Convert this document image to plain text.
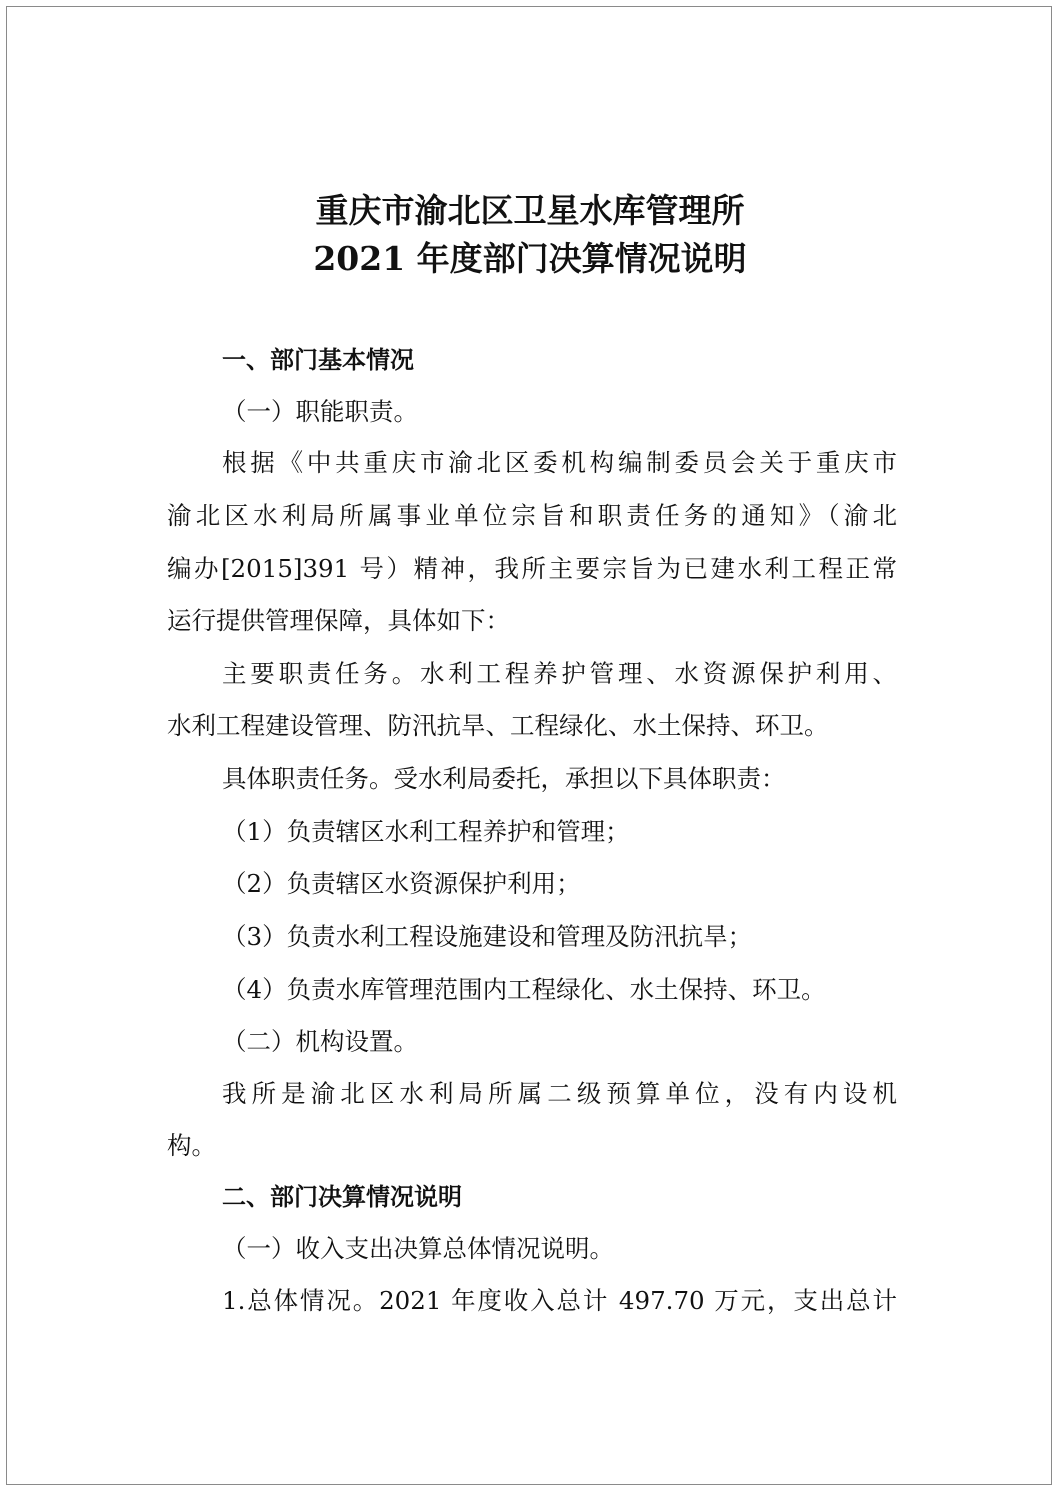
重庆市渝北区卫星水库管理所
2021 年度部门决算情况说明
一、部门基本情况
（一）职能职责。
根据《中共重庆市渝北区委机构编制委员会关于重庆市
渝北区水利局所属事业单位宗旨和职责任务的通知》（渝北
编办[2015]391 号）精神，我所主要宗旨为已建水利工程正常
运行提供管理保障，具体如下：
主要职责任务。水利工程养护管理、水资源保护利用、
水利工程建设管理、防汛抗旱、工程绿化、水土保持、环卫。
具体职责任务。受水利局委托，承担以下具体职责：
（1）负责辖区水利工程养护和管理；
（2）负责辖区水资源保护利用；
（3）负责水利工程设施建设和管理及防汛抗旱；
（4）负责水库管理范围内工程绿化、水土保持、环卫。
（二）机构设置。
我所是渝北区水利局所属二级预算单位，没有内设机
构。
二、部门决算情况说明
（一）收入支出决算总体情况说明。
1.总体情况。2021 年度收入总计 497.70 万元，支出总计
